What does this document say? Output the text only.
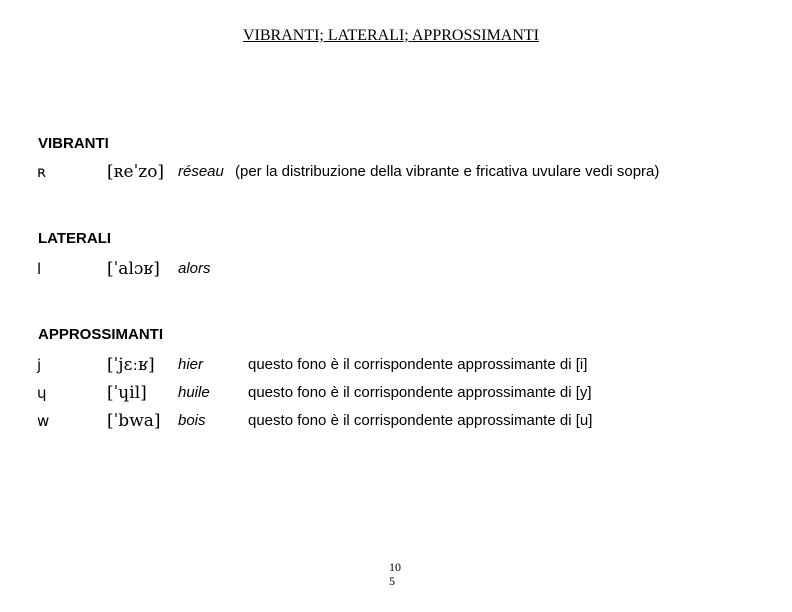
VIBRANTI; LATERALI; APPROSSIMANTI
VIBRANTI
ʀ	[ʀeˈzo] réseau (per la distribuzione della vibrante e fricativa uvulare vedi sopra)
LATERALI
l	[ˈalɔʁ] alors
APPROSSIMANTI
j	[ˈjɛːʁ] hier	questo fono è il corrispondente approssimante di [i]
ɥ	[ˈɥil] huile	questo fono è il corrispondente approssimante di [y]
w	[ˈbwa] bois	questo fono è il corrispondente approssimante di [u]
10
5
